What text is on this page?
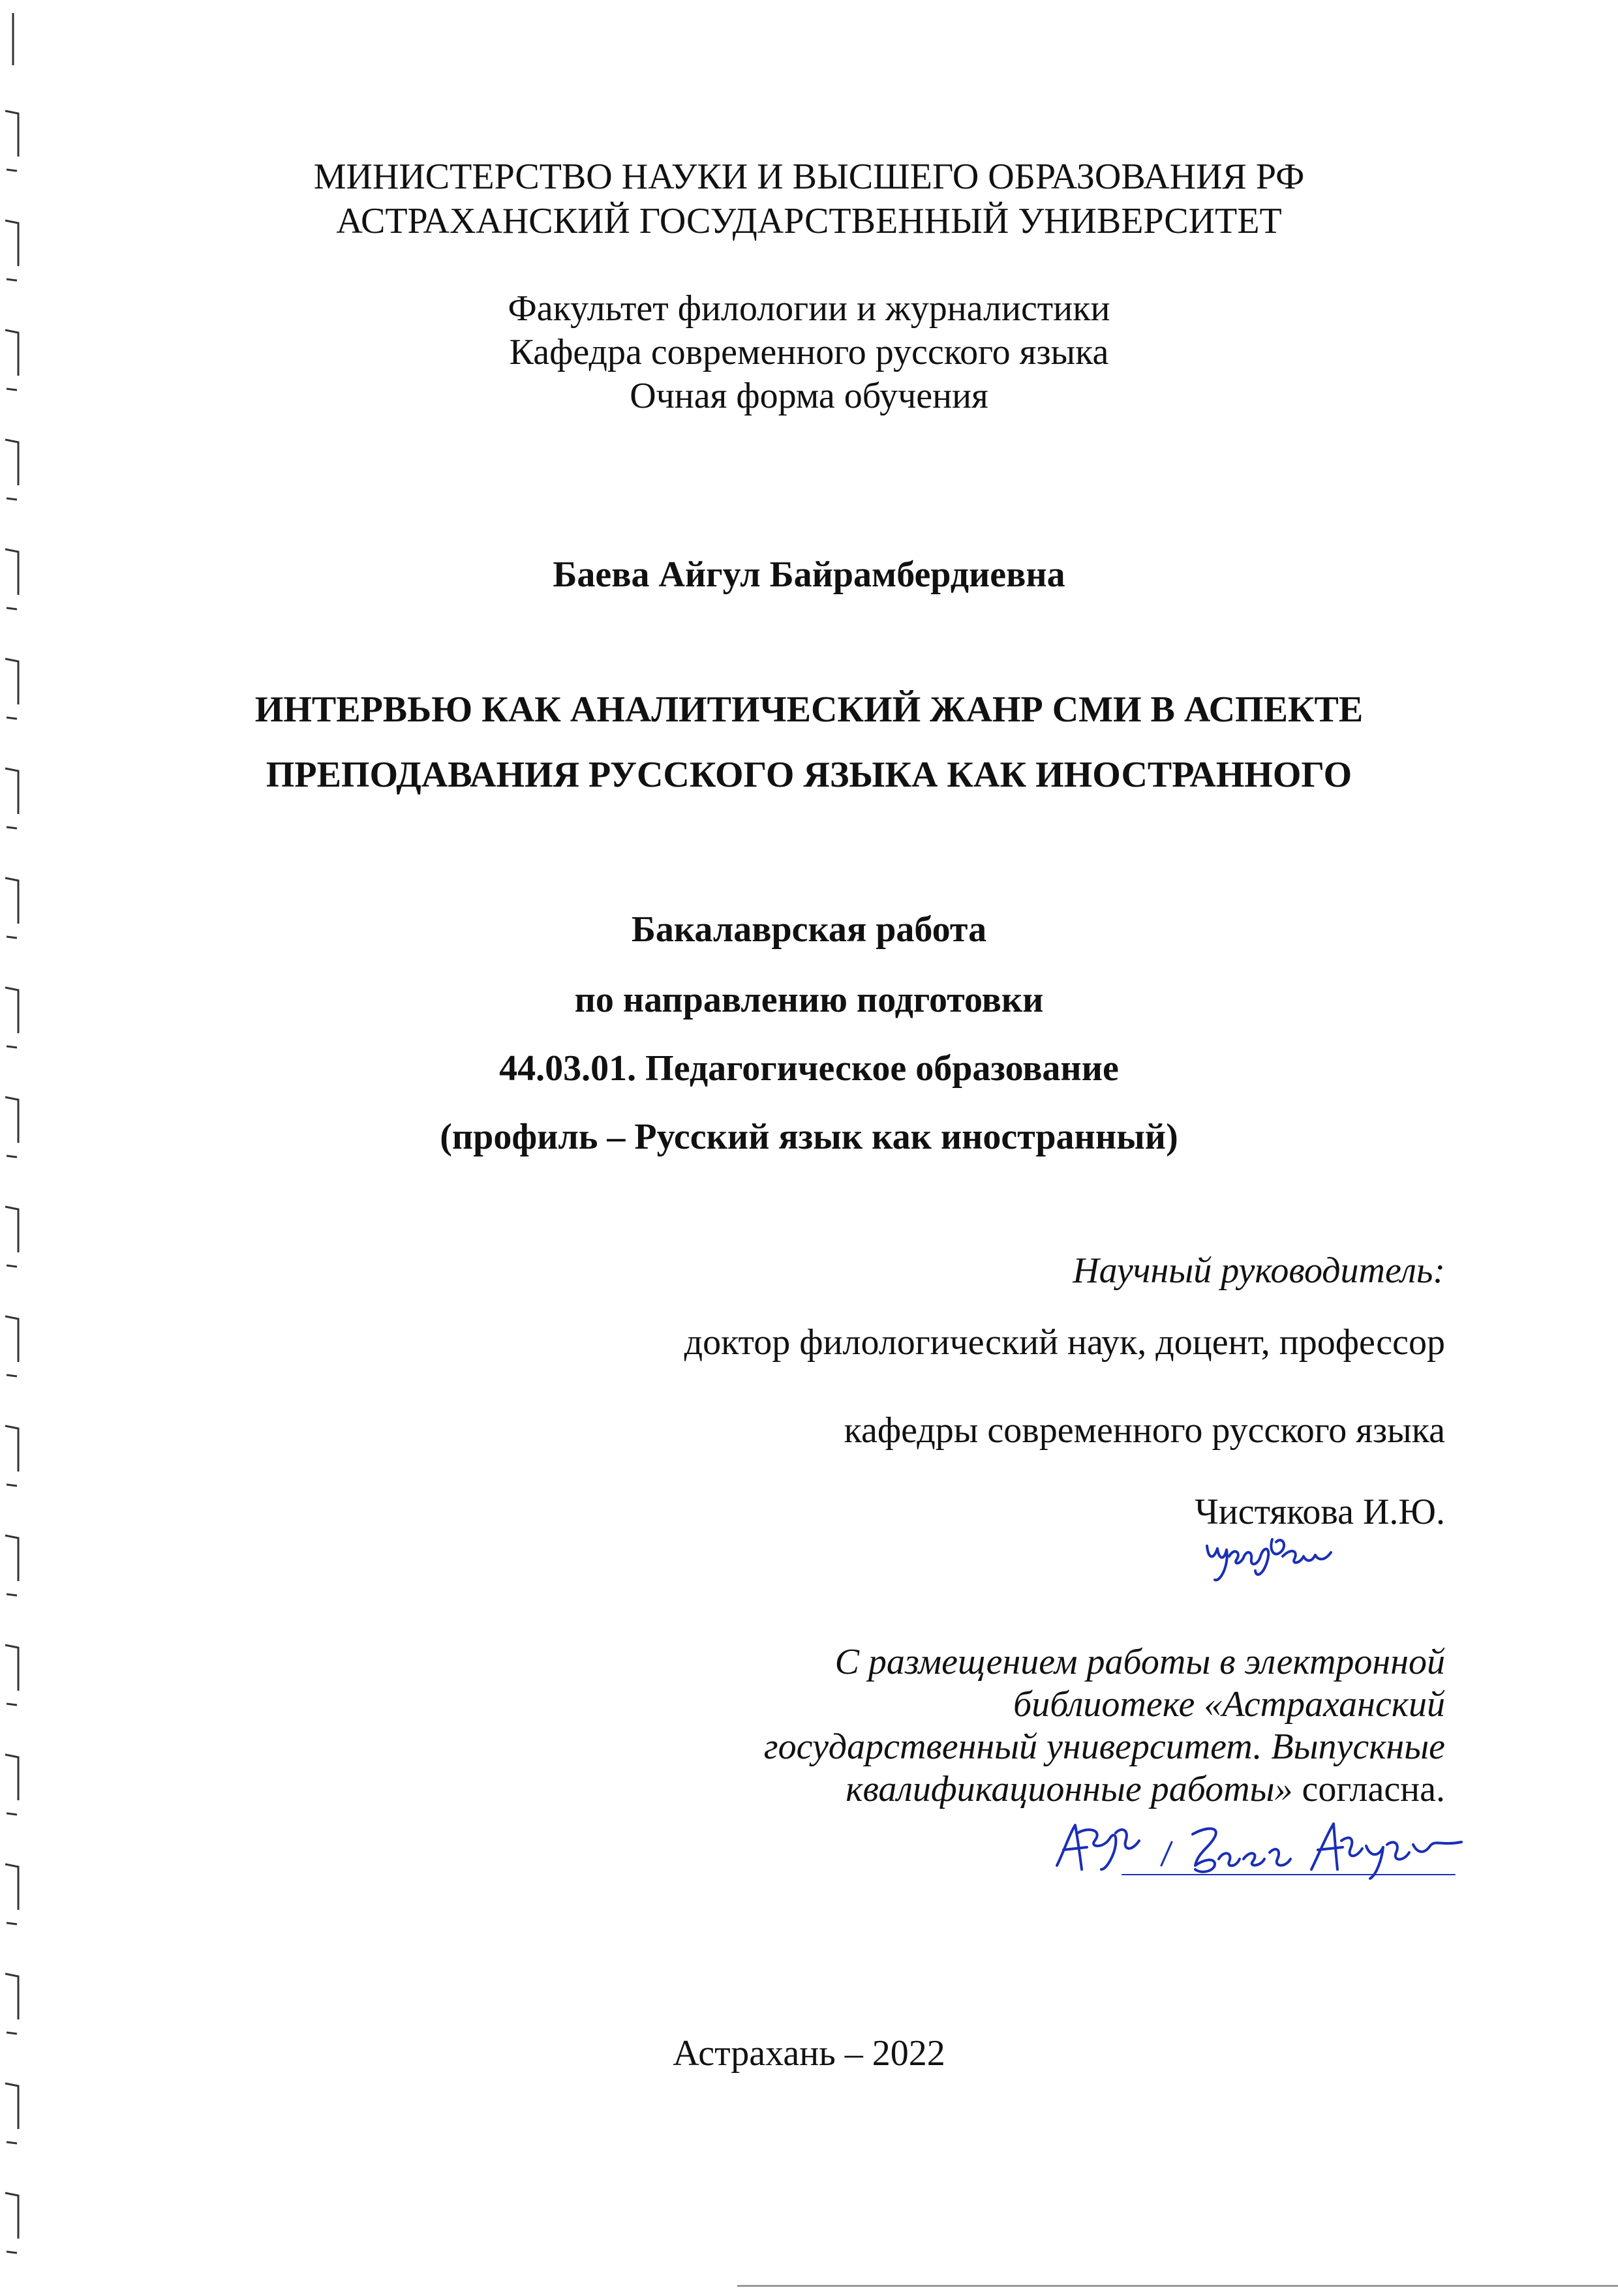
МИНИСТЕРСТВО НАУКИ И ВЫСШЕГО ОБРАЗОВАНИЯ РФ
АСТРАХАНСКИЙ ГОСУДАРСТВЕННЫЙ УНИВЕРСИТЕТ
Факультет филологии и журналистики
Кафедра современного русского языка
Очная форма обучения
Баева Айгул Байрамбердиевна
ИНТЕРВЬЮ КАК АНАЛИТИЧЕСКИЙ ЖАНР СМИ В АСПЕКТЕ
ПРЕПОДАВАНИЯ РУССКОГО ЯЗЫКА КАК ИНОСТРАННОГО
Бакалаврская работа
по направлению подготовки
44.03.01. Педагогическое образование
(профиль – Русский язык как иностранный)
Научный руководитель:
доктор филологический наук, доцент, профессор
кафедры современного русского языка
Чистякова И.Ю.
С размещением работы в электронной
библиотеке «Астраханский
государственный университет. Выпускные
квалификационные работы» согласна.
Астрахань – 2022
